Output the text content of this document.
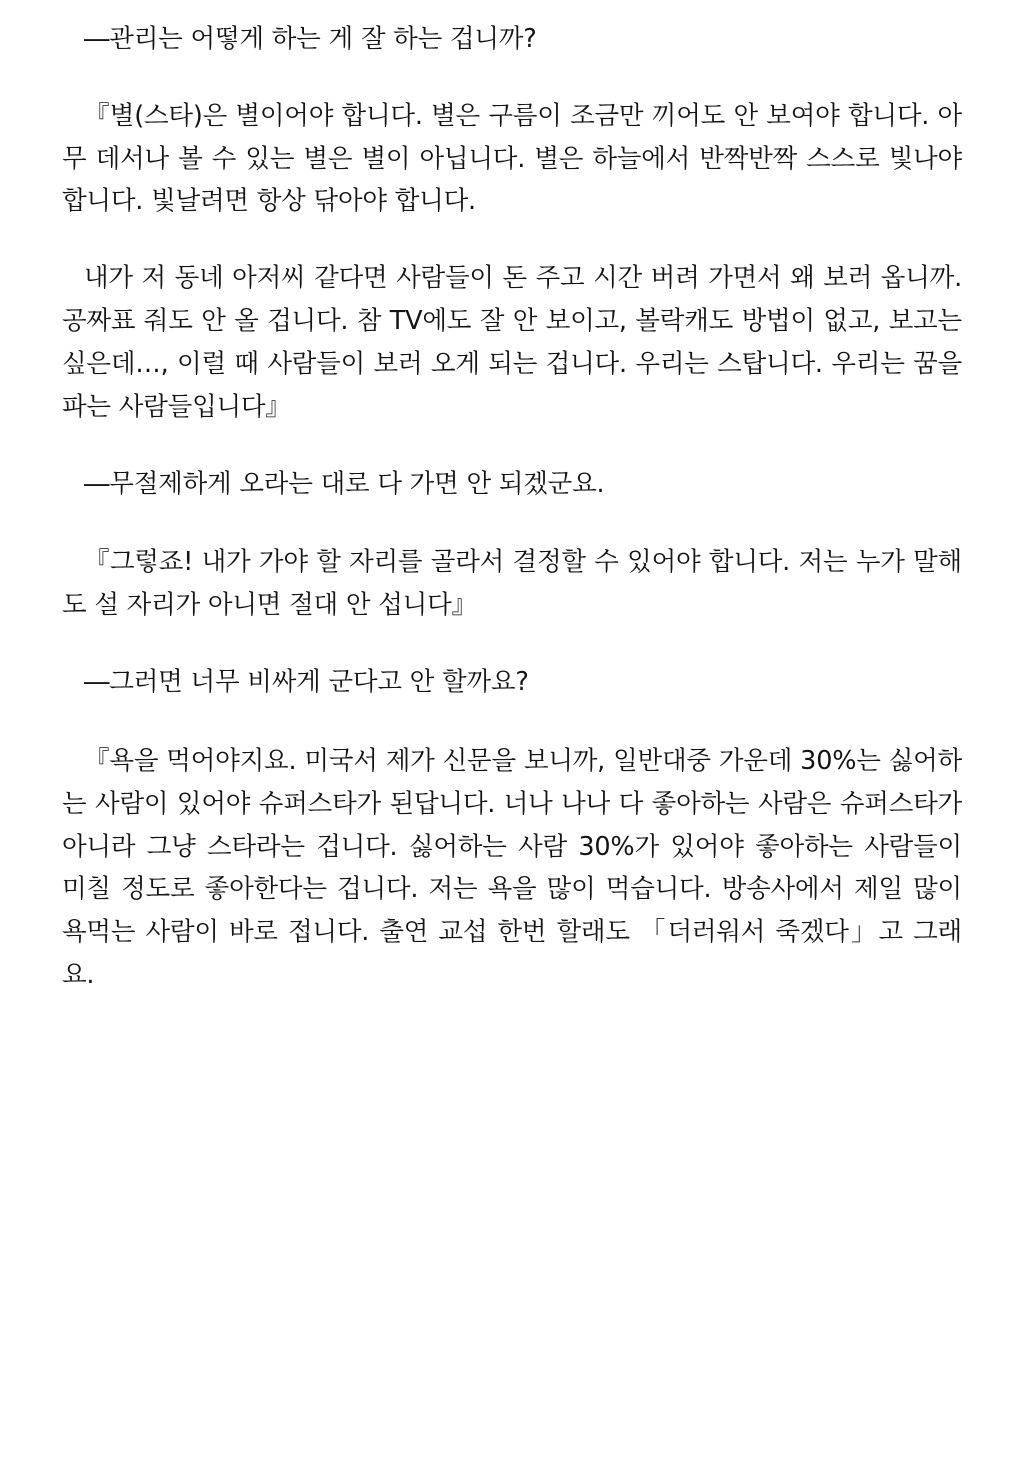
―관리는 어떻게 하는 게 잘 하는 겁니까?

『별(스타)은 별이어야 합니다. 별은 구름이 조금만 끼어도 안 보여야 합니다. 아무 데서나 볼 수 있는 별은 별이 아닙니다. 별은 하늘에서 반짝반짝 스스로 빛나야 합니다. 빛날려면 항상 닦아야 합니다.

내가 저 동네 아저씨 같다면 사람들이 돈 주고 시간 버려 가면서 왜 보러 옵니까. 공짜표 줘도 안 올 겁니다. 참 TV에도 잘 안 보이고, 볼락캐도 방법이 없고, 보고는 싶은데…, 이럴 때 사람들이 보러 오게 되는 겁니다. 우리는 스탑니다. 우리는 꿈을 파는 사람들입니다』

―무절제하게 오라는 대로 다 가면 안 되겠군요.

『그렇죠! 내가 가야 할 자리를 골라서 결정할 수 있어야 합니다. 저는 누가 말해도 설 자리가 아니면 절대 안 섭니다』

―그러면 너무 비싸게 군다고 안 할까요?

『욕을 먹어야지요. 미국서 제가 신문을 보니까, 일반대중 가운데 30%는 싫어하는 사람이 있어야 슈퍼스타가 된답니다. 너나 나나 다 좋아하는 사람은 슈퍼스타가 아니라 그냥 스타라는 겁니다. 싫어하는 사람 30%가 있어야 좋아하는 사람들이 미칠 정도로 좋아한다는 겁니다. 저는 욕을 많이 먹습니다. 방송사에서 제일 많이 욕먹는 사람이 바로 접니다. 출연 교섭 한번 할래도 「더러워서 죽겠다」고 그래요.
